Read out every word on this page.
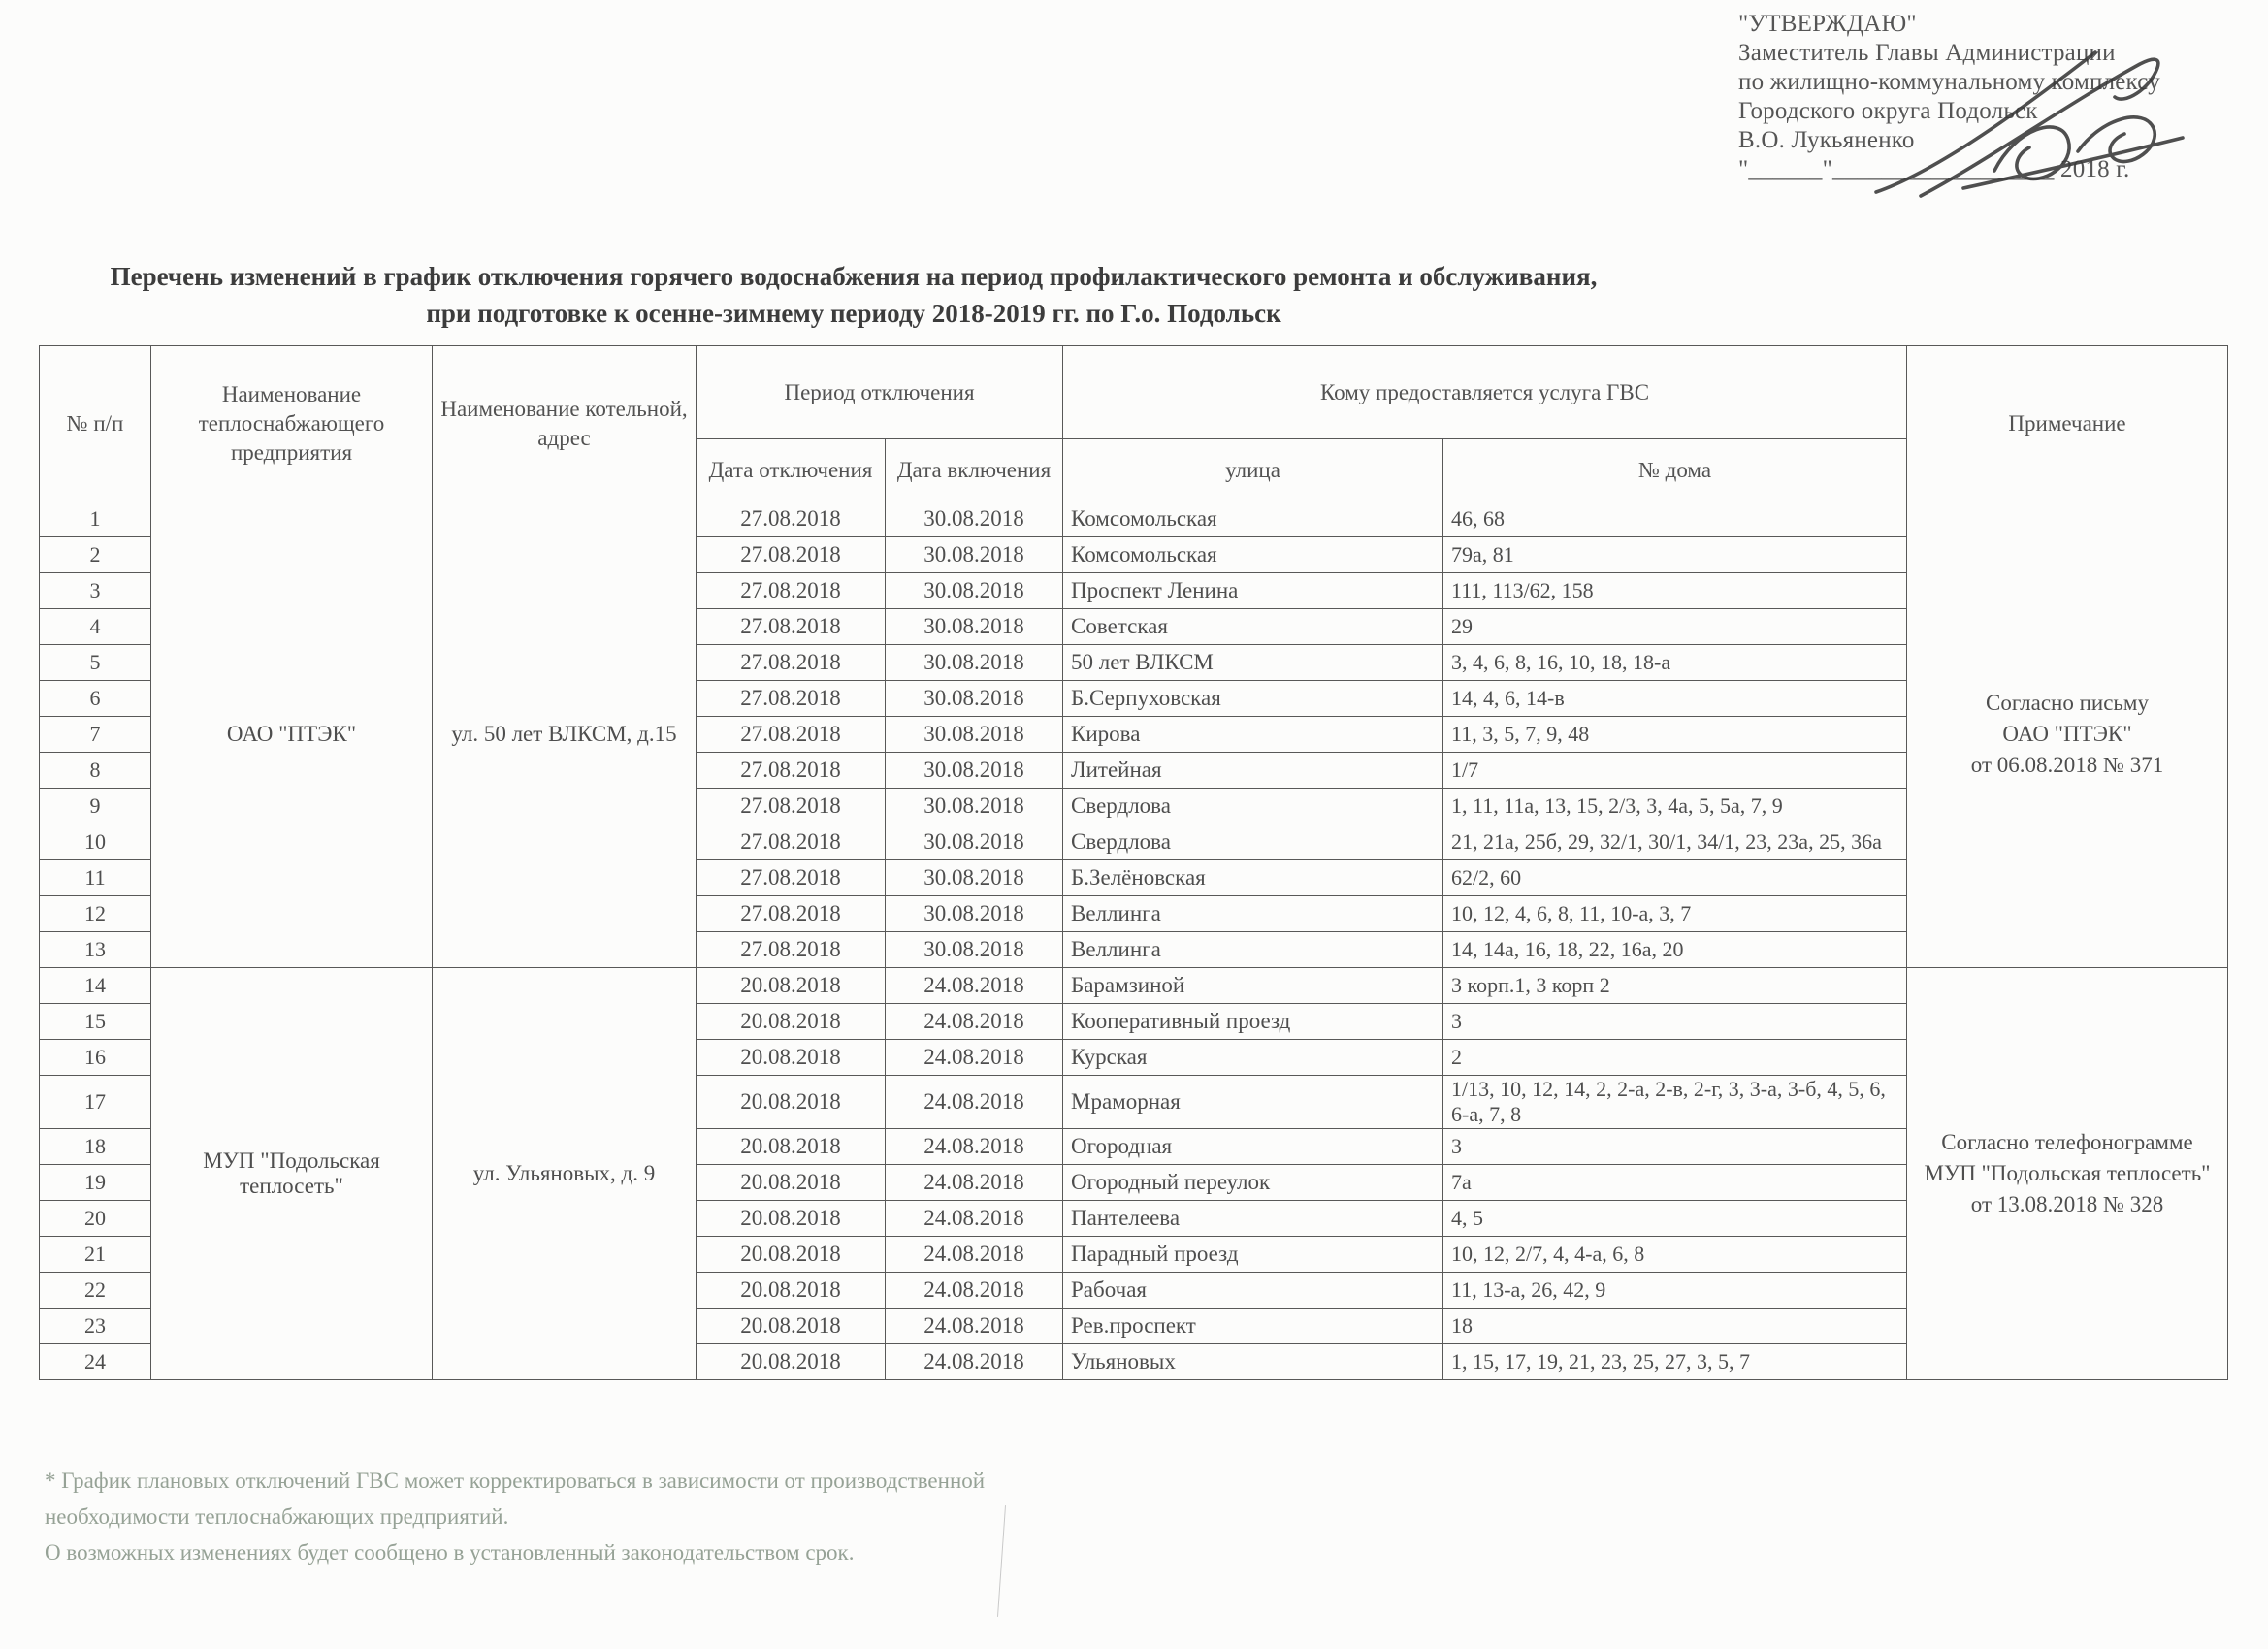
"УТВЕРЖДАЮ"
Заместитель Главы Администрации
по жилищно-коммунальному комплексу
Городского округа Подольск
В.О. Лукьяненко
"______"__________________ 2018 г.
Перечень изменений в график отключения горячего водоснабжения на период профилактического ремонта и обслуживания,
при подготовке к осенне-зимнему периоду 2018-2019 гг. по Г.о. Подольск
№ п/п	Наименование теплоснабжающего предприятия	Наименование котельной, адрес	Период отключения		Кому предоставляется услуга ГВС		Примечание
			Дата отключения	Дата включения	улица	№ дома	
1	ОАО "ПТЭК"	ул. 50 лет ВЛКСМ, д.15	27.08.2018	30.08.2018	Комсомольская	46, 68	Согласно письму
ОАО "ПТЭК"
от 06.08.2018 № 371

2			27.08.2018	30.08.2018	Комсомольская	79а, 81	
3			27.08.2018	30.08.2018	Проспект Ленина	111, 113/62, 158	
4			27.08.2018	30.08.2018	Советская	29	
5			27.08.2018	30.08.2018	50 лет ВЛКСМ	3, 4, 6, 8, 16, 10, 18, 18-а	
6			27.08.2018	30.08.2018	Б.Серпуховская	14, 4, 6, 14-в	
7			27.08.2018	30.08.2018	Кирова	11, 3, 5, 7, 9, 48	
8			27.08.2018	30.08.2018	Литейная	1/7	
9			27.08.2018	30.08.2018	Свердлова	1, 11, 11а, 13, 15, 2/3, 3, 4а, 5, 5а, 7, 9	
10			27.08.2018	30.08.2018	Свердлова	21, 21а, 25б, 29, 32/1, 30/1, 34/1, 23, 23а, 25, 36а	
11			27.08.2018	30.08.2018	Б.Зелёновская	62/2, 60	
12			27.08.2018	30.08.2018	Веллинга	10, 12, 4, 6, 8, 11, 10-а, 3, 7	
13			27.08.2018	30.08.2018	Веллинга	14, 14а, 16, 18, 22, 16а, 20	
14	МУП "Подольская теплосеть"	ул. Ульяновых, д. 9	20.08.2018	24.08.2018	Барамзиной	3 корп.1, 3 корп 2	Согласно телефонограмме
МУП "Подольская теплосеть"
от 13.08.2018 № 328

15			20.08.2018	24.08.2018	Кооперативный проезд	3	
16			20.08.2018	24.08.2018	Курская	2	
17			20.08.2018	24.08.2018	Мраморная	1/13, 10, 12, 14, 2, 2-а, 2-в, 2-г, 3, 3-а, 3-б, 4, 5, 6, 6-а, 7, 8	
18			20.08.2018	24.08.2018	Огородная	3	
19			20.08.2018	24.08.2018	Огородный переулок	7а	
20			20.08.2018	24.08.2018	Пантелеева	4, 5	
21			20.08.2018	24.08.2018	Парадный проезд	10, 12, 2/7, 4, 4-а, 6, 8	
22			20.08.2018	24.08.2018	Рабочая	11, 13-а, 26, 42, 9	
23			20.08.2018	24.08.2018	Рев.проспект	18	
24			20.08.2018	24.08.2018	Ульяновых	1, 15, 17, 19, 21, 23, 25, 27, 3, 5, 7	
* График плановых отключений ГВС может корректироваться в зависимости от производственной
необходимости теплоснабжающих предприятий.
О возможных изменениях будет сообщено в установленный законодательством срок.
